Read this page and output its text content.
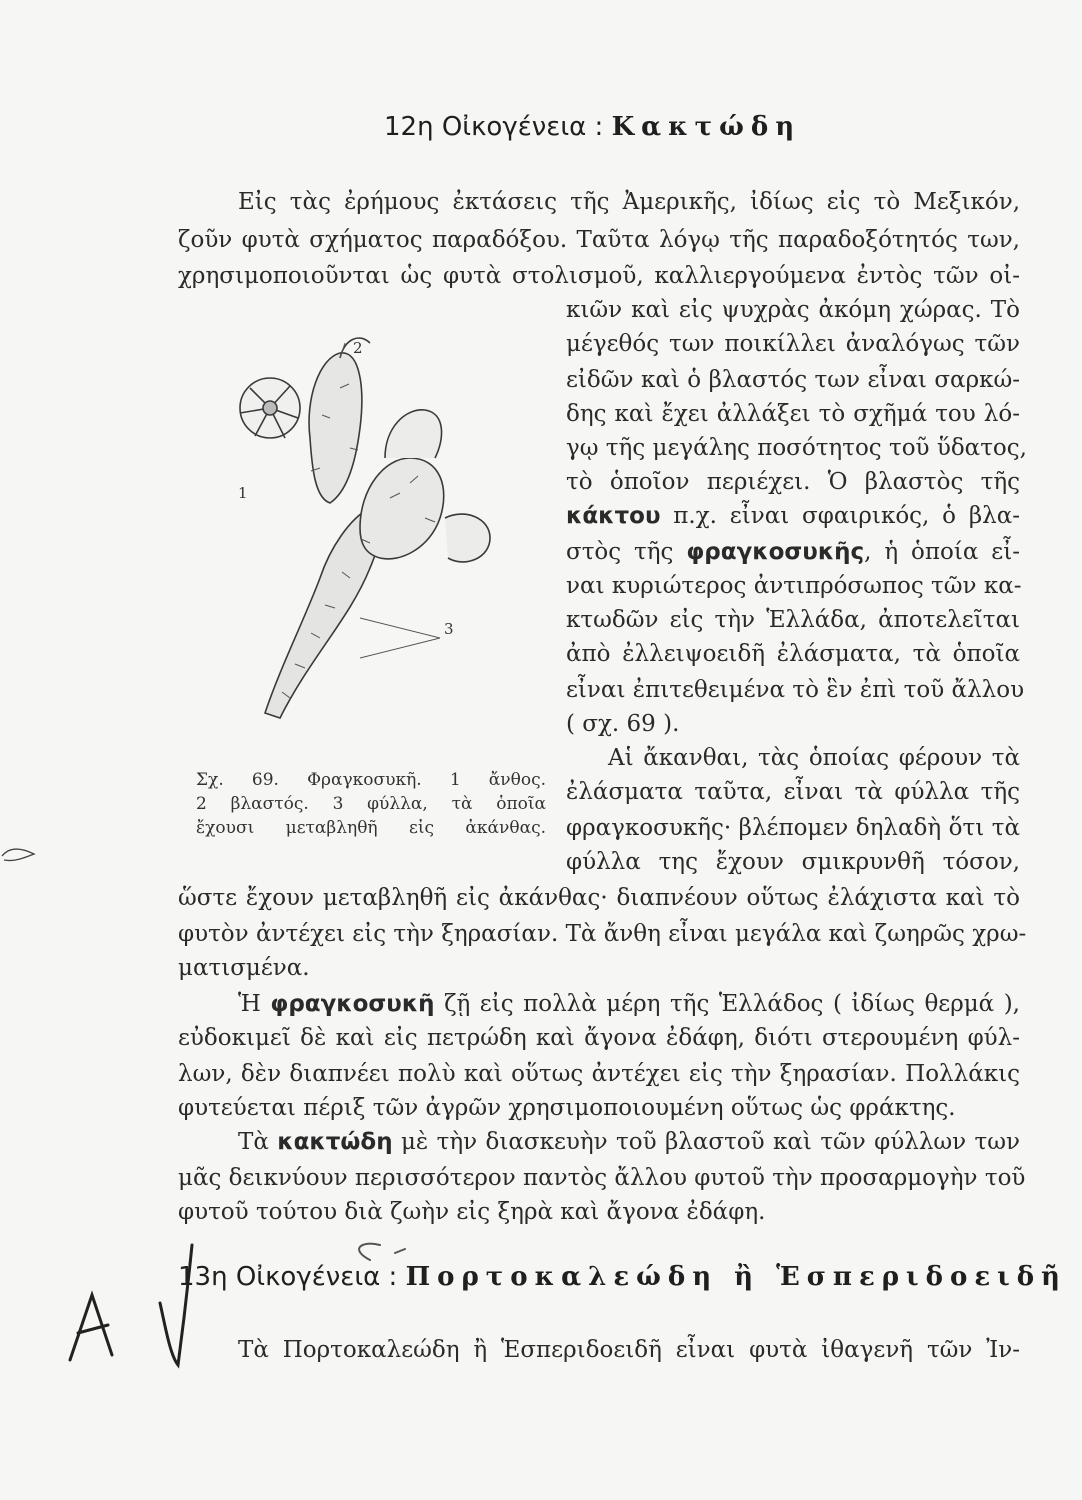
12η Οἰκογένεια : Κακτώδη
Εἰς τὰς ἐρήμους ἐκτάσεις τῆς Ἀμερικῆς, ἰδίως εἰς τὸ Μεξικόν,
ζοῦν φυτὰ σχήματος παραδόξου. Ταῦτα λόγῳ τῆς παραδοξότητός των,
χρησιμοποιοῦνται ὡς φυτὰ στολισμοῦ, καλλιεργούμενα ἐντὸς τῶν οἰ-
κιῶν καὶ εἰς ψυχρὰς ἀκόμη χώρας. Τὸ
μέγεθός των ποικίλλει ἀναλόγως τῶν
εἰδῶν καὶ ὁ βλαστός των εἶναι σαρκώ-
δης καὶ ἔχει ἀλλάξει τὸ σχῆμά του λό-
γῳ τῆς μεγάλης ποσότητος τοῦ ὕδατος,
τὸ ὁποῖον περιέχει. Ὁ βλαστὸς τῆς
κάκτου π.χ. εἶναι σφαιρικός, ὁ βλα-
στὸς τῆς φραγκοσυκῆς, ἡ ὁποία εἶ-
ναι κυριώτερος ἀντιπρόσωπος τῶν κα-
κτωδῶν εἰς τὴν Ἑλλάδα, ἀποτελεῖται
ἀπὸ ἐλλειψοειδῆ ἐλάσματα, τὰ ὁποῖα
εἶναι ἐπιτεθειμένα τὸ ἓν ἐπὶ τοῦ ἄλλου
( σχ. 69 ).
Αἱ ἄκανθαι, τὰς ὁποίας φέρουν τὰ
ἐλάσματα ταῦτα, εἶναι τὰ φύλλα τῆς
φραγκοσυκῆς· βλέπομεν δηλαδὴ ὅτι τὰ
φύλλα της ἔχουν σμικρυνθῆ τόσον,
2
1
3
Σχ. 69. Φραγκοσυκῆ. 1 ἄνθος.
2 βλαστός. 3 φύλλα, τὰ ὁποῖα
ἔχουσι μεταβληθῆ εἰς ἀκάνθας.
ὥστε ἔχουν μεταβληθῆ εἰς ἀκάνθας· διαπνέουν οὕτως ἐλάχιστα καὶ τὸ
φυτὸν ἀντέχει εἰς τὴν ξηρασίαν. Τὰ ἄνθη εἶναι μεγάλα καὶ ζωηρῶς χρω-
ματισμένα.
Ἡ φραγκοσυκῆ ζῇ εἰς πολλὰ μέρη τῆς Ἑλλάδος ( ἰδίως θερμά ),
εὐδοκιμεῖ δὲ καὶ εἰς πετρώδη καὶ ἄγονα ἐδάφη, διότι στερουμένη φύλ-
λων, δὲν διαπνέει πολὺ καὶ οὕτως ἀντέχει εἰς τὴν ξηρασίαν. Πολλάκις
φυτεύεται πέριξ τῶν ἀγρῶν χρησιμοποιουμένη οὕτως ὡς φράκτης.
Τὰ κακτώδη μὲ τὴν διασκευὴν τοῦ βλαστοῦ καὶ τῶν φύλλων των
μᾶς δεικνύουν περισσότερον παντὸς ἄλλου φυτοῦ τὴν προσαρμογὴν τοῦ
φυτοῦ τούτου διὰ ζωὴν εἰς ξηρὰ καὶ ἄγονα ἐδάφη.
13η Οἰκογένεια : Πορτοκαλεώδη ἢ Ἑσπεριδοειδῆ
Τὰ Πορτοκαλεώδη ἢ Ἑσπεριδοειδῆ εἶναι φυτὰ ἰθαγενῆ τῶν Ἰν-
